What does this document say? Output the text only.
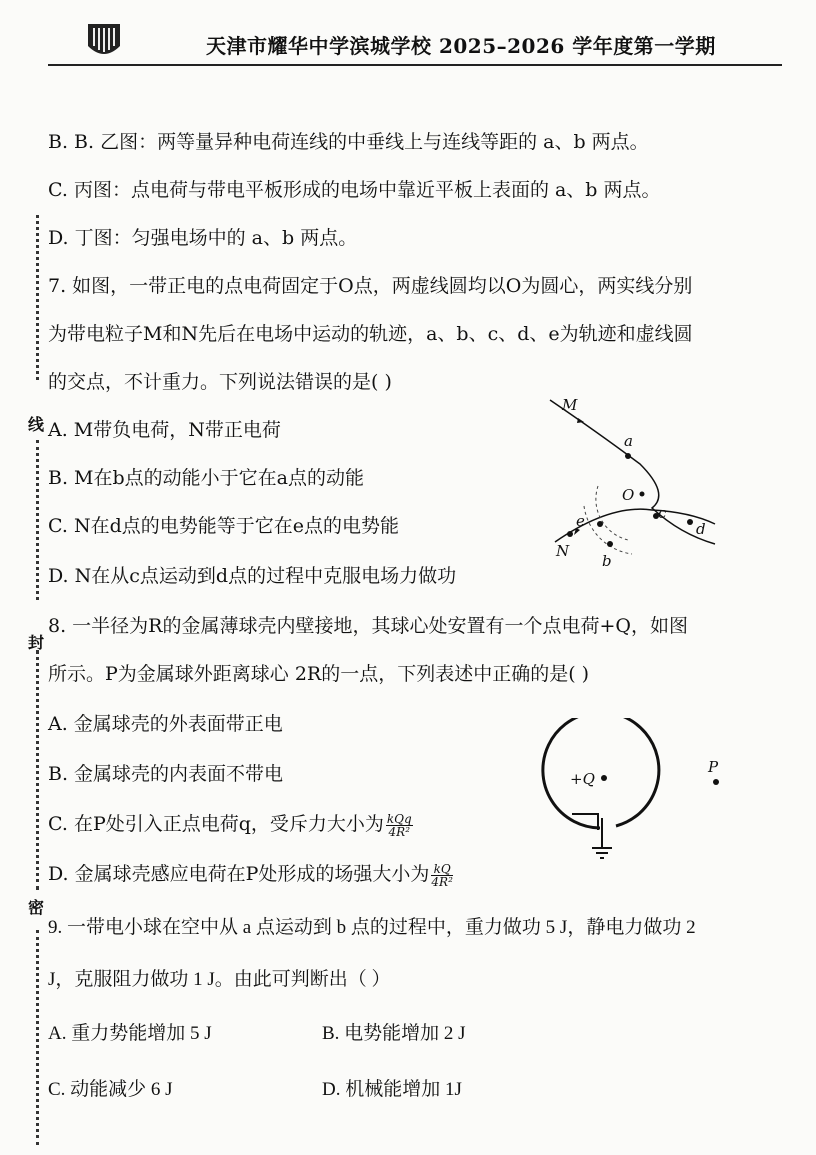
天津市耀华中学滨城学校 2025–2026 学年度第一学期
线
封
密
B. B. 乙图：两等量异种电荷连线的中垂线上与连线等距的 a、b 两点。
C. 丙图：点电荷与带电平板形成的电场中靠近平板上表面的 a、b 两点。
D. 丁图：匀强电场中的 a、b 两点。
7. 如图，一带正电的点电荷固定于O点，两虚线圆均以O为圆心，两实线分别
为带电粒子M和N先后在电场中运动的轨迹，a、b、c、d、e为轨迹和虚线圆
的交点，不计重力。下列说法错误的是( )
A. M带负电荷，N带正电荷
B. M在b点的动能小于它在a点的动能
C. N在d点的电势能等于它在e点的电势能
D. N在从c点运动到d点的过程中克服电场力做功
M
a
O
c
d
e
N
b
8. 一半径为R的金属薄球壳内壁接地，其球心处安置有一个点电荷+Q，如图
所示。P为金属球外距离球心 2R的一点，下列表述中正确的是( )
A. 金属球壳的外表面带正电
B. 金属球壳的内表面不带电
C. 在P处引入正点电荷q，受斥力大小为 $\frac{\text{kQq}}{\text{4R²}}$
D. 金属球壳感应电荷在P处形成的场强大小为 $\frac{kQ}{\text{4R²}}$
+Q
P
9. 一带电小球在空中从 a 点运动到 b 点的过程中，重力做功 5 J，静电力做功 2
J，克服阻力做功 1 J。由此可判断出（ ）
A. 重力势能增加 5 J	B. 电势能增加 2 J
C. 动能减少 6 J	D. 机械能增加 1J
